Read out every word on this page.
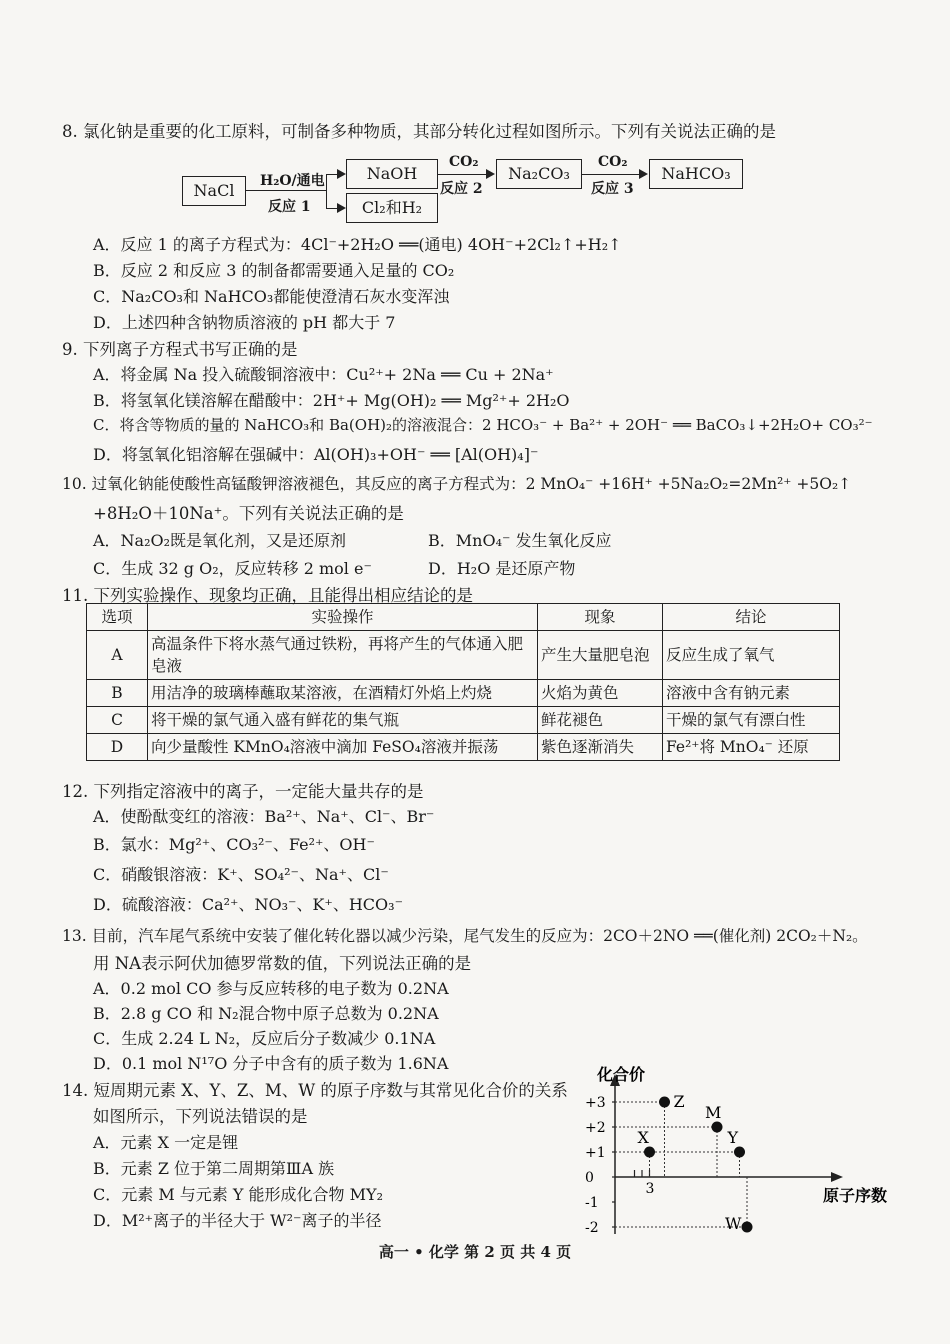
8. 氯化钠是重要的化工原料，可制备多种物质，其部分转化过程如图所示。下列有关说法正确的是
NaCl
NaOH
Cl₂和H₂
Na₂CO₃	NaHCO₃
H₂O/通电
反应 1
CO₂
反应 2
CO₂
反应 3
A．反应 1 的离子方程式为：4Cl⁻+2H₂O ══(通电) 4OH⁻+2Cl₂↑+H₂↑
B．反应 2 和反应 3 的制备都需要通入足量的 CO₂
C．Na₂CO₃和 NaHCO₃都能使澄清石灰水变浑浊
D．上述四种含钠物质溶液的 pH 都大于 7
9. 下列离子方程式书写正确的是
A．将金属 Na 投入硫酸铜溶液中：Cu²⁺+ 2Na ══ Cu + 2Na⁺
B．将氢氧化镁溶解在醋酸中：2H⁺+ Mg(OH)₂ ══ Mg²⁺+ 2H₂O
C．将含等物质的量的 NaHCO₃和 Ba(OH)₂的溶液混合：2 HCO₃⁻ + Ba²⁺ + 2OH⁻ ══ BaCO₃↓+2H₂O+ CO₃²⁻
D．将氢氧化铝溶解在强碱中：Al(OH)₃+OH⁻ ══ [Al(OH)₄]⁻
10. 过氧化钠能使酸性高锰酸钾溶液褪色，其反应的离子方程式为：2 MnO₄⁻ +16H⁺ +5Na₂O₂=2Mn²⁺ +5O₂↑
+8H₂O＋10Na⁺。下列有关说法正确的是
A．Na₂O₂既是氧化剂，又是还原剂	B．MnO₄⁻ 发生氧化反应
C．生成 32 g O₂，反应转移 2 mol e⁻	D．H₂O 是还原产物
11. 下列实验操作、现象均正确，且能得出相应结论的是
选项	实验操作	现象	结论
A	高温条件下将水蒸气通过铁粉，再将产生的气体通入肥皂液	产生大量肥皂泡	反应生成了氧气
B	用洁净的玻璃棒蘸取某溶液，在酒精灯外焰上灼烧	火焰为黄色	溶液中含有钠元素
C	将干燥的氯气通入盛有鲜花的集气瓶	鲜花褪色	干燥的氯气有漂白性
D	向少量酸性 KMnO₄溶液中滴加 FeSO₄溶液并振荡	紫色逐渐消失	Fe²⁺将 MnO₄⁻ 还原
12. 下列指定溶液中的离子，一定能大量共存的是
A．使酚酞变红的溶液：Ba²⁺、Na⁺、Cl⁻、Br⁻
B．氯水：Mg²⁺、CO₃²⁻、Fe²⁺、OH⁻
C．硝酸银溶液：K⁺、SO₄²⁻、Na⁺、Cl⁻
D．硫酸溶液：Ca²⁺、NO₃⁻、K⁺、HCO₃⁻
13. 目前，汽车尾气系统中安装了催化转化器以减少污染，尾气发生的反应为：2CO＋2NO ══(催化剂) 2CO₂＋N₂。
用 NA表示阿伏加德罗常数的值，下列说法正确的是
A．0.2 mol CO 参与反应转移的电子数为 0.2NA
B．2.8 g CO 和 N₂混合物中原子总数为 0.2NA
C．生成 2.24 L N₂，反应后分子数减少 0.1NA
D．0.1 mol N¹⁷O 分子中含有的质子数为 1.6NA
14. 短周期元素 X、Y、Z、M、W 的原子序数与其常见化合价的关系
如图所示，下列说法错误的是
A．元素 X 一定是锂
B．元素 Z 位于第二周期第ⅢA 族
C．元素 M 与元素 Y 能形成化合物 MY₂
D．M²⁺离子的半径大于 W²⁻离子的半径
化合价
原子序数
3
+3
+2
+1
0
-1
-2
X
Z
M
Y
W
高一 • 化学 第 2 页 共 4 页
